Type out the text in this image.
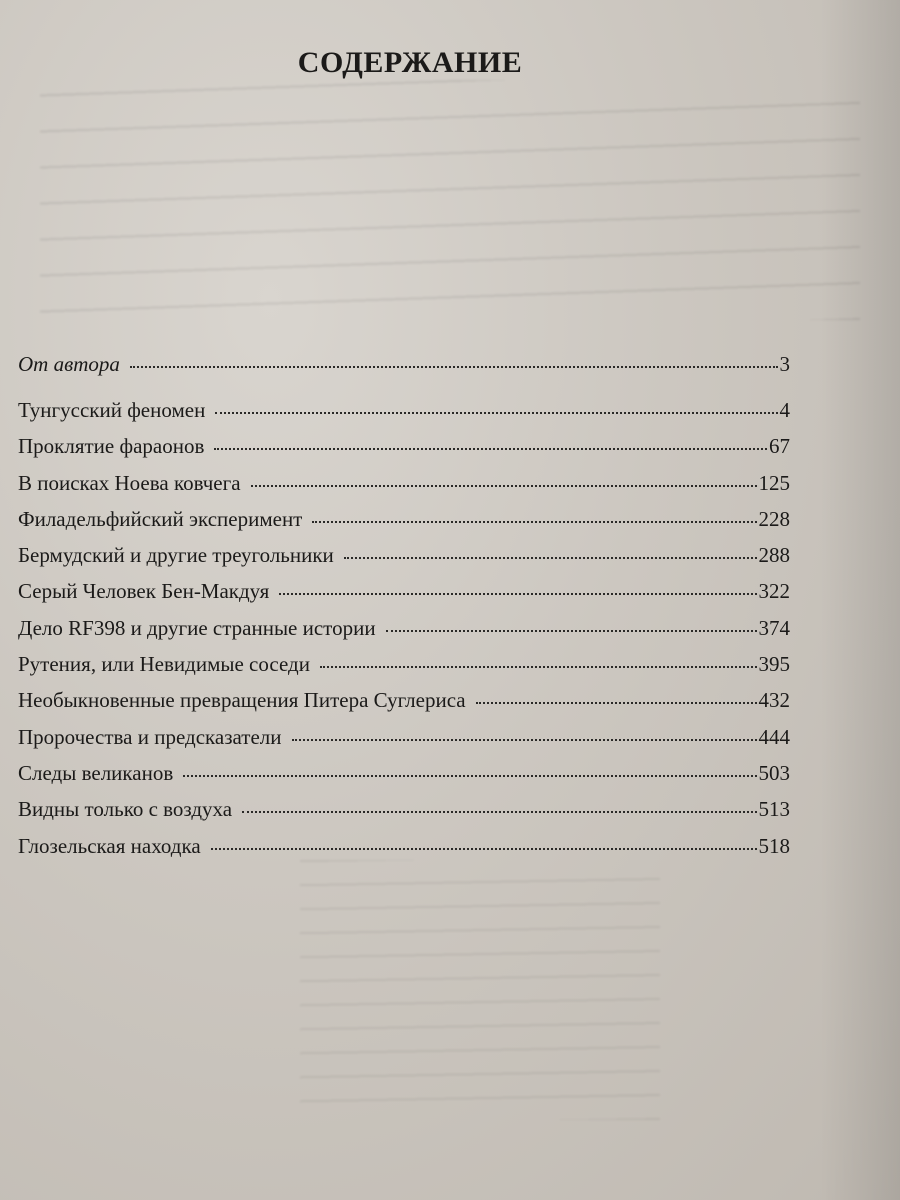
СОДЕРЖАНИЕ
От автора	3
Тунгусский феномен	4
Проклятие фараонов	67
В поисках Ноева ковчега	125
Филадельфийский эксперимент	228
Бермудский и другие треугольники	288
Серый Человек Бен-Макдуя	322
Дело RF398 и другие странные истории	374
Рутения, или Невидимые соседи	395
Необыкновенные превращения Питера Суглериса	432
Пророчества и предсказатели	444
Следы великанов	503
Видны только с воздуха	513
Глозельская находка	518
